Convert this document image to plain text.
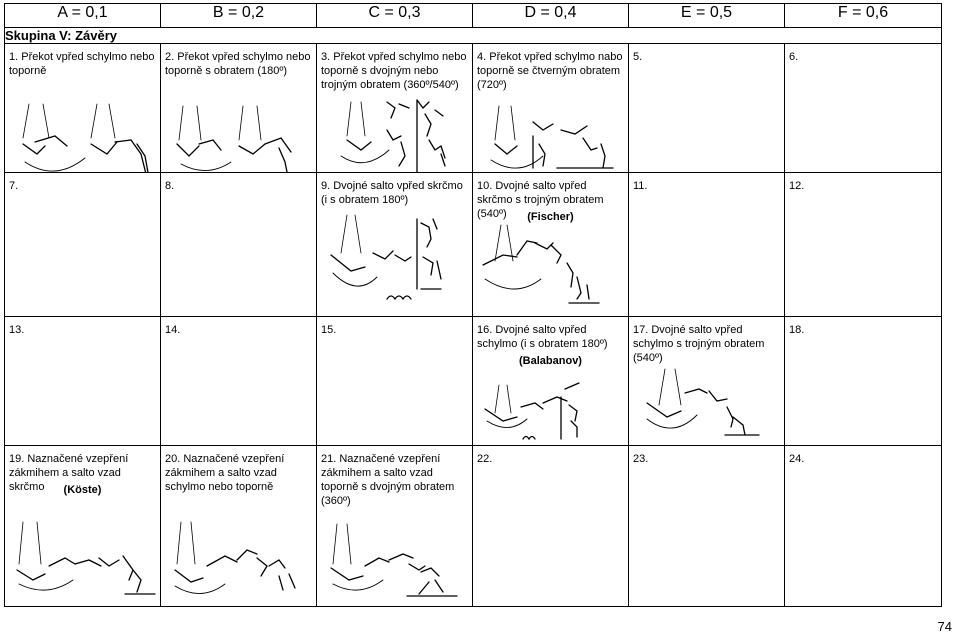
A = 0,1	B = 0,2	C = 0,3	D = 0,4	E = 0,5	F = 0,6
Skupina V: Závěry					

1. Překot vpřed schylmo nebo toporně	2. Překot vpřed schylmo nebo toporně s obratem (180º)	3. Překot vpřed schylmo nebo toporně s dvojným nebo trojným obratem (360º/540º)	4. Překot vpřed schylmo nabo toporně se čtverným obratem (720º)	5.	6.

7.	8.	9. Dvojné salto vpřed skrčmo (i s obratem 180º)	10. Dvojné salto vpřed skrčmo s trojným obratem (540º) (Fischer)	11.	12.

13.	14.	15.	16. Dvojné salto vpřed schylmo (i s obratem 180º)
(Balabanov)	17. Dvojné salto vpřed schylmo s trojným obratem (540º)	18.

19. Naznačené vzepření zákmihem a salto vzad skrčmo (Köste)	20. Naznačené vzepření zákmihem a salto vzad schylmo nebo toporně	21. Naznačené vzepření zákmihem a salto vzad toporně s dvojným obratem (360º)	22.	23.	24.
74
